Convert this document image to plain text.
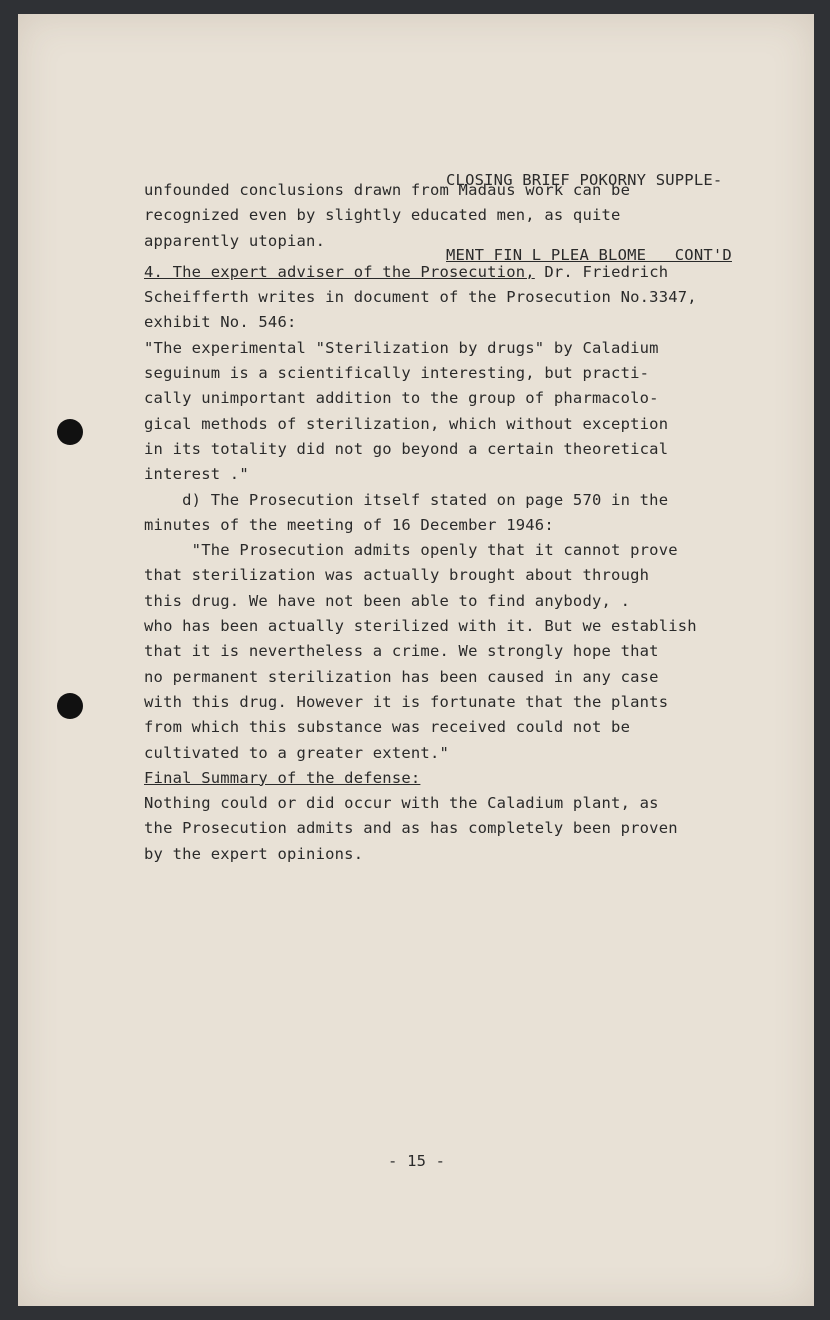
CLOSING BRIEF POKORNY SUPPLE-

MENT FIN L PLEA BLOME   CONT'D

unfounded conclusions drawn from Madaus work can be
recognized even by slightly educated men, as quite
apparently utopian.
4. The expert adviser of the Prosecution, Dr. Friedrich
Scheifferth writes in document of the Prosecution No.3347,
exhibit No. 546:
"The experimental "Sterilization by drugs" by Caladium
seguinum is a scientifically interesting, but practi-
cally unimportant addition to the group of pharmacolo-
gical methods of sterilization, which without exception
in its totality did not go beyond a certain theoretical
interest ."
d) The Prosecution itself stated on page 570 in the
minutes of the meeting of 16 December 1946:
"The Prosecution admits openly that it cannot prove
that sterilization was actually brought about through
this drug. We have not been able to find anybody, .
who has been actually sterilized with it. But we establish
that it is nevertheless a crime. We strongly hope that
no permanent sterilization has been caused in any case
with this drug. However it is fortunate that the plants
from which this substance was received could not be
cultivated to a greater extent."
Final Summary of the defense:
Nothing could or did occur with the Caladium plant, as
the Prosecution admits and as has completely been proven
by the expert opinions.
- 15 -
